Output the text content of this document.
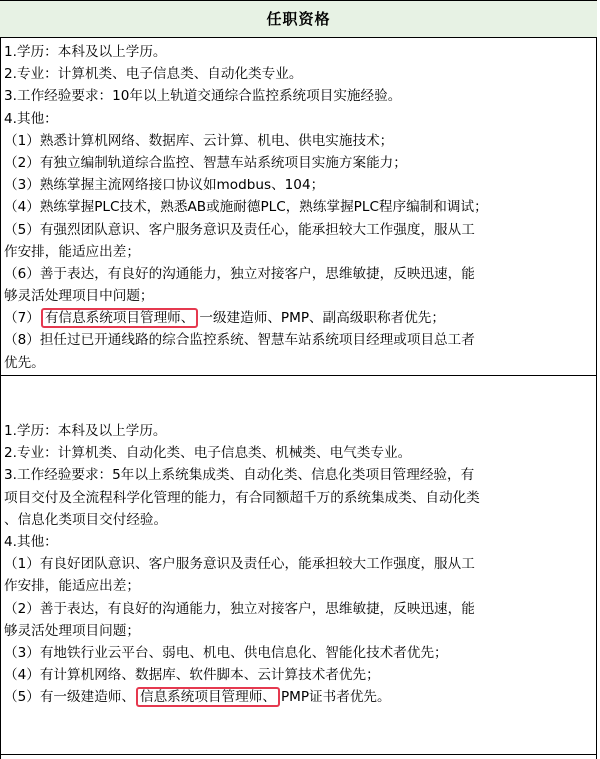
任职资格
1.学历：本科及以上学历。
2.专业：计算机类、电子信息类、自动化类专业。
3.工作经验要求：10年以上轨道交通综合监控系统项目实施经验。
4.其他：
（1）熟悉计算机网络、数据库、云计算、机电、供电实施技术；
（2）有独立编制轨道综合监控、智慧车站系统项目实施方案能力；
（3）熟练掌握主流网络接口协议如modbus、104；
（4）熟练掌握PLC技术，熟悉AB或施耐德PLC，熟练掌握PLC程序编制和调试；
（5）有强烈团队意识、客户服务意识及责任心，能承担较大工作强度，服从工
作安排，能适应出差；
（6）善于表达，有良好的沟通能力，独立对接客户，思维敏捷，反映迅速，能
够灵活处理项目中问题；
（7） 有信息系统项目管理师、 一级建造师、PMP、副高级职称者优先；
（8）担任过已开通线路的综合监控系统、智慧车站系统项目经理或项目总工者
优先。
1.学历：本科及以上学历。
2.专业：计算机类、自动化类、电子信息类、机械类、电气类专业。
3.工作经验要求：5年以上系统集成类、自动化类、信息化类项目管理经验，有
项目交付及全流程科学化管理的能力，有合同额超千万的系统集成类、自动化类
、信息化类项目交付经验。
4.其他：
（1）有良好团队意识、客户服务意识及责任心，能承担较大工作强度，服从工
作安排，能适应出差；
（2）善于表达，有良好的沟通能力，独立对接客户，思维敏捷，反映迅速，能
够灵活处理项目问题；
（3）有地铁行业云平台、弱电、机电、供电信息化、智能化技术者优先；
（4）有计算机网络、数据库、软件脚本、云计算技术者优先；
（5）有一级建造师、 信息系统项目管理师、 PMP证书者优先。
